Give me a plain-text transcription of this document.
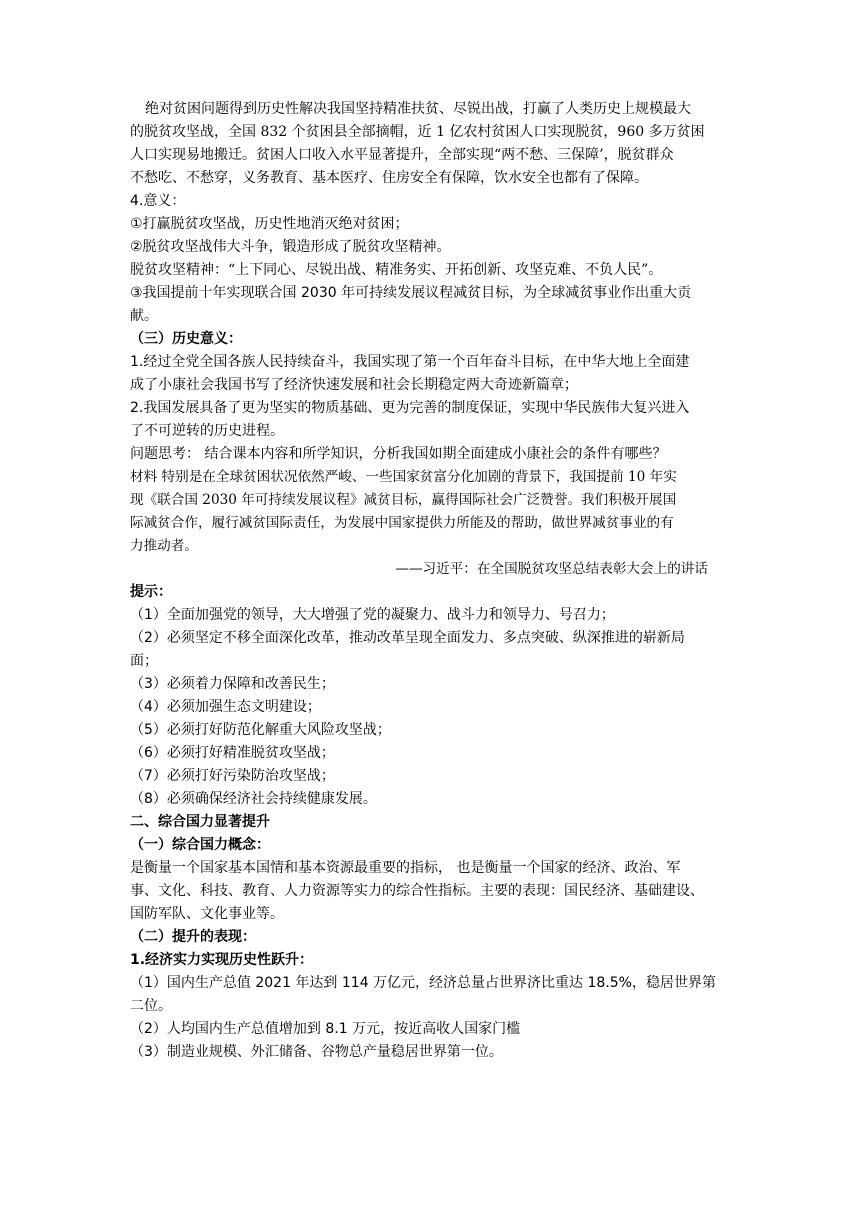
绝对贫困问题得到历史性解决我国坚持精准扶贫、尽锐出战，打赢了人类历史上规模最大
的脱贫攻坚战，全国 832 个贫困县全部摘帽，近 1 亿农村贫困人口实现脱贫，960 多万贫困
人口实现易地搬迁。贫困人口收入水平显著提升，全部实现“两不愁、三保障’，脱贫群众
不愁吃、不愁穿，义务教育、基本医疗、住房安全有保障，饮水安全也都有了保障。
4.意义：
①打赢脱贫攻坚战，历史性地消灭绝对贫困；
②脱贫攻坚战伟大斗争，锻造形成了脱贫攻坚精神。
脱贫攻坚精神：“上下同心、尽锐出战、精准务实、开拓创新、攻坚克难、不负人民”。
③我国提前十年实现联合国 2030 年可持续发展议程减贫目标，为全球减贫事业作出重大贡
献。
（三）历史意义：
1.经过全党全国各族人民持续奋斗，我国实现了第一个百年奋斗目标，在中华大地上全面建
成了小康社会我国书写了经济快速发展和社会长期稳定两大奇迹新篇章；
2.我国发展具备了更为坚实的物质基础、更为完善的制度保证，实现中华民族伟大复兴进入
了不可逆转的历史进程。
问题思考： 结合课本内容和所学知识，分析我国如期全面建成小康社会的条件有哪些？
材料 特别是在全球贫困状况依然严峻、一些国家贫富分化加剧的背景下，我国提前 10 年实
现《联合国 2030 年可持续发展议程》减贫目标，赢得国际社会广泛赞誉。我们积极开展国
际减贫合作，履行减贫国际责任，为发展中国家提供力所能及的帮助，做世界减贫事业的有
力推动者。
——习近平：在全国脱贫攻坚总结表彰大会上的讲话
提示：
（1）全面加强党的领导，大大增强了党的凝聚力、战斗力和领导力、号召力；
（2）必须坚定不移全面深化改革，推动改革呈现全面发力、多点突破、纵深推进的崭新局
面；
（3）必须着力保障和改善民生；
（4）必须加强生态文明建设；
（5）必须打好防范化解重大风险攻坚战；
（6）必须打好精准脱贫攻坚战；
（7）必须打好污染防治攻坚战；
（8）必须确保经济社会持续健康发展。
二、综合国力显著提升
（一）综合国力概念：
是衡量一个国家基本国情和基本资源最重要的指标， 也是衡量一个国家的经济、政治、军
事、文化、科技、教育、人力资源等实力的综合性指标。主要的表现：国民经济、基础建设、
国防军队、文化事业等。
（二）提升的表现：
1.经济实力实现历史性跃升：
（1）国内生产总值 2021 年达到 114 万亿元，经济总量占世界济比重达 18.5%，稳居世界第
二位。
（2）人均国内生产总值增加到 8.1 万元，按近高收人国家门槛
（3）制造业规模、外汇储备、谷物总产量稳居世界第一位。
